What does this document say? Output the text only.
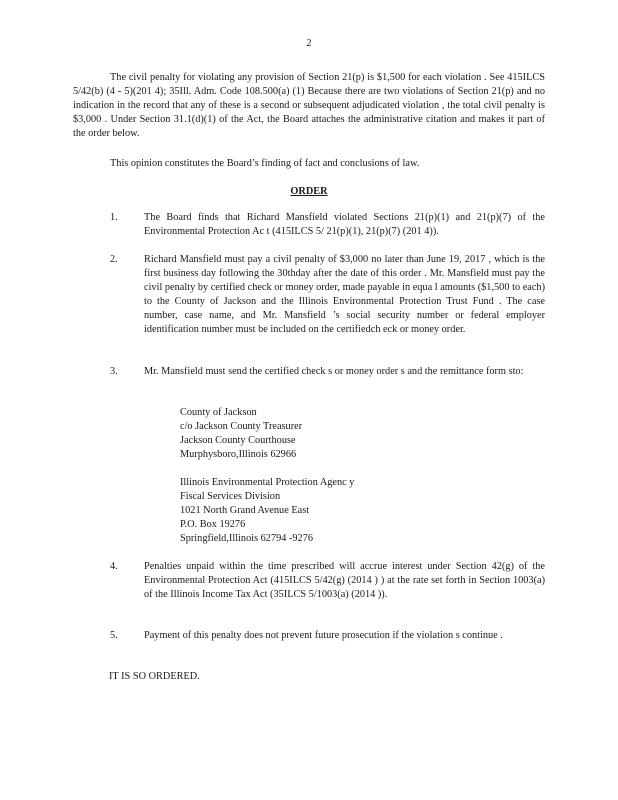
2
The civil penalty for violating any provision of Section 21(p) is $1,500 for each violation . See 415ILCS 5/42(b) (4 - 5)(201 4); 35Ill. Adm. Code 108.500(a) (1) Because there are two violations of Section 21(p) and no indication in the record that any of these is a second or subsequent adjudicated violation , the total civil penalty is $3,000 . Under Section 31.1(d)(1) of the Act, the Board attaches the administrative citation and makes it part of the order below.
This opinion constitutes the Board’s finding of fact and conclusions of law.
ORDER
1.	The Board finds that Richard Mansfield violated Sections 21(p)(1) and 21(p)(7) of the Environmental Protection Ac t (415ILCS 5/ 21(p)(1), 21(p)(7) (201 4)).
2.	Richard Mansfield must pay a civil penalty of $3,000 no later than June 19, 2017 , which is the first business day following the 30thday after the date of this order . Mr. Mansfield must pay the civil penalty by certified check or money order, made payable in equa l amounts ($1,500 to each) to the County of Jackson and the Illinois Environmental Protection Trust Fund . The case number, case name, and Mr. Mansfield ’s social security number or federal employer identification number must be included on the certifiedch eck or money order.
3.	Mr. Mansfield must send the certified check s or money order s and the remittance form sto:
County of Jackson
c/o Jackson County Treasurer
Jackson County Courthouse
Murphysboro,Illinois 62966
Illinois Environmental Protection Agenc y
Fiscal Services Division
1021 North Grand Avenue East
P.O. Box 19276
Springfield,Illinois 62794 -9276
4.	Penalties unpaid within the time prescribed will accrue interest under Section 42(g) of the Environmental Protection Act (415ILCS 5/42(g) (2014 ) ) at the rate set forth in Section 1003(a) of the Illinois Income Tax Act (35ILCS 5/1003(a) (2014 )).
5.	Payment of this penalty does not prevent future prosecution if the violation s continue .
IT IS SO ORDERED.
